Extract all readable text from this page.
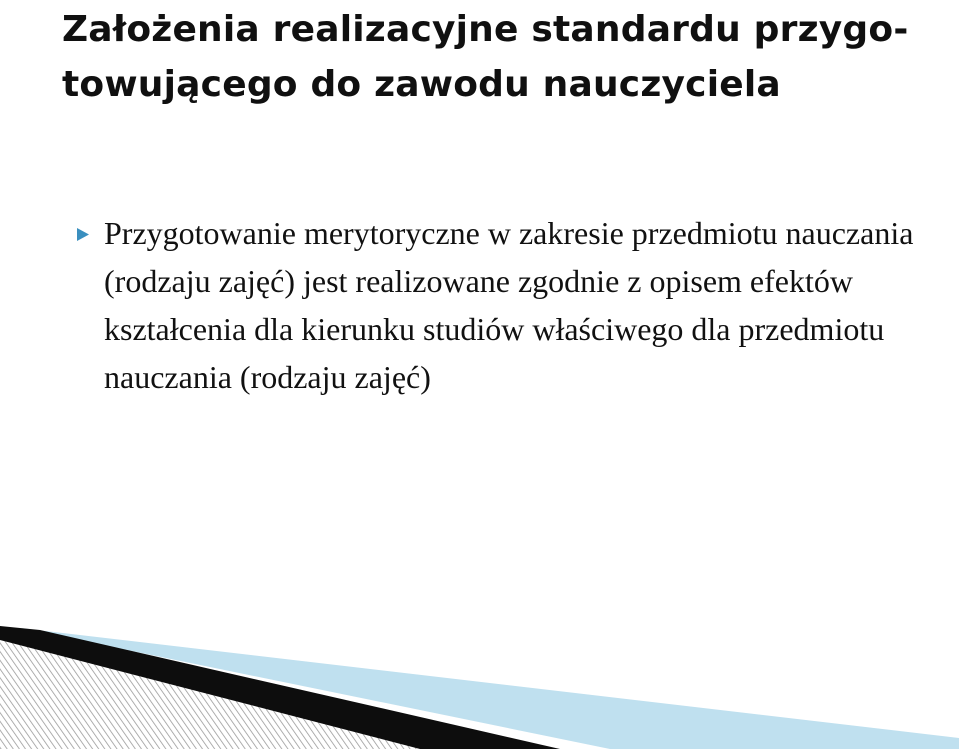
Założenia realizacyjne standardu przygo-towującego do zawodu nauczyciela
Przygotowanie merytoryczne w zakresie przedmiotu nauczania (rodzaju zajęć) jest realizowane zgodnie z opisem efektów kształcenia dla kierunku studiów właściwego dla przedmiotu nauczania (rodzaju zajęć)
